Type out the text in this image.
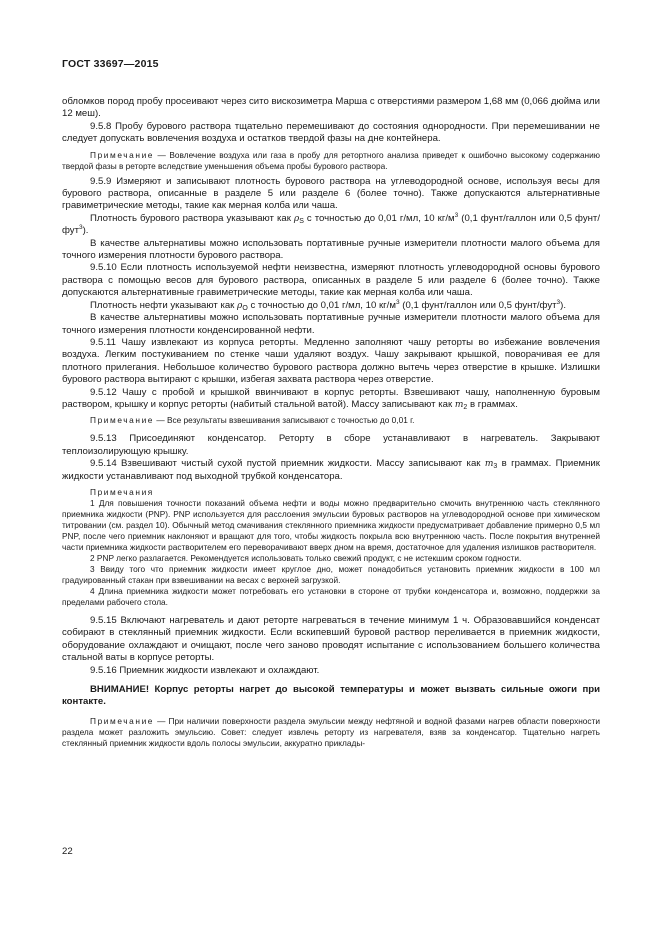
ГОСТ 33697—2015

обломков пород пробу просеивают через сито вискозиметра Марша с отверстиями размером 1,68 мм (0,066 дюйма или 12 меш).

9.5.8 Пробу бурового раствора тщательно перемешивают до состояния однородности. При перемешивании не следует допускать вовлечения воздуха и остатков твердой фазы на дне контейнера.

Примечание — Вовлечение воздуха или газа в пробу для ретортного анализа приведет к ошибочно высокому содержанию твердой фазы в реторте вследствие уменьшения объема пробы бурового раствора.

9.5.9 Измеряют и записывают плотность бурового раствора на углеводородной основе, используя весы для бурового раствора, описанные в разделе 5 или разделе 6 (более точно). Также допускаются альтернативные гравиметрические методы, такие как мерная колба или чаша.

Плотность бурового раствора указывают как $\rho_S$ с точностью до 0,01 г/мл, 10 $кг/м^3$ (0,1 фунт/галлон или 0,5 фунт/фут$^3$).

В качестве альтернативы можно использовать портативные ручные измерители плотности малого объема для точного измерения плотности бурового раствора.

9.5.10 Если плотность используемой нефти неизвестна, измеряют плотность углеводородной основы бурового раствора с помощью весов для бурового раствора, описанных в разделе 5 или разделе 6 (более точно). Также допускаются альтернативные гравиметрические методы, такие как мерная колба или чаша.

Плотность нефти указывают как $\rho_O$ с точностью до 0,01 г/мл, 10 $кг/м^3$ (0,1 фунт/галлон или 0,5 фунт/фут$^3$).

В качестве альтернативы можно использовать портативные ручные измерители плотности малого объема для точного измерения плотности конденсированной нефти.

9.5.11 Чашу извлекают из корпуса реторты. Медленно заполняют чашу реторты во избежание вовлечения воздуха. Легким постукиванием по стенке чаши удаляют воздух. Чашу закрывают крышкой, поворачивая ее для плотного прилегания. Небольшое количество бурового раствора должно вытечь через отверстие в крышке. Излишки бурового раствора вытирают с крышки, избегая захвата раствора через отверстие.

9.5.12 Чашу с пробой и крышкой ввинчивают в корпус реторты. Взвешивают чашу, наполненную буровым раствором, крышку и корпус реторты (набитый стальной ватой). Массу записывают как $m_2$ в граммах.

Примечание — Все результаты взвешивания записывают с точностью до 0,01 г.

9.5.13 Присоединяют конденсатор. Реторту в сборе устанавливают в нагреватель. Закрывают теплоизолирующую крышку.

9.5.14 Взвешивают чистый сухой пустой приемник жидкости. Массу записывают как $m_3$ в граммах. Приемник жидкости устанавливают под выходной трубкой конденсатора.

Примечания

1 Для повышения точности показаний объема нефти и воды можно предварительно смочить внутреннюю часть стеклянного приемника жидкости (PNP). PNP используется для расслоения эмульсии буровых растворов на углеводородной основе при химическом титровании (см. раздел 10). Обычный метод смачивания стеклянного приемника жидкости предусматривает добавление примерно 0,5 мл PNP, после чего приемник наклоняют и вращают для того, чтобы жидкость покрыла всю внутреннюю часть. После покрытия внутренней части приемника жидкости растворителем его переворачивают вверх дном на время, достаточное для удаления излишков растворителя.

2 PNP легко разлагается. Рекомендуется использовать только свежий продукт, с не истекшим сроком годности.

3 Ввиду того что приемник жидкости имеет круглое дно, может понадобиться установить приемник жидкости в 100 мл градуированный стакан при взвешивании на весах с верхней загрузкой.

4 Длина приемника жидкости может потребовать его установки в стороне от трубки конденсатора и, возможно, поддержки за пределами рабочего стола.

9.5.15 Включают нагреватель и дают реторте нагреваться в течение минимум 1 ч. Образовавшийся конденсат собирают в стеклянный приемник жидкости. Если вскипевший буровой раствор переливается в приемник жидкости, оборудование охлаждают и очищают, после чего заново проводят испытание с использованием большего количества стальной ваты в корпусе реторты.

9.5.16 Приемник жидкости извлекают и охлаждают.

ВНИМАНИЕ! Корпус реторты нагрет до высокой температуры и может вызвать сильные ожоги при контакте.

Примечание — При наличии поверхности раздела эмульсии между нефтяной и водной фазами нагрев области поверхности раздела может разложить эмульсию. Совет: следует извлечь реторту из нагревателя, взяв за конденсатор. Тщательно нагреть стеклянный приемник жидкости вдоль полосы эмульсии, аккуратно приклады-

22
